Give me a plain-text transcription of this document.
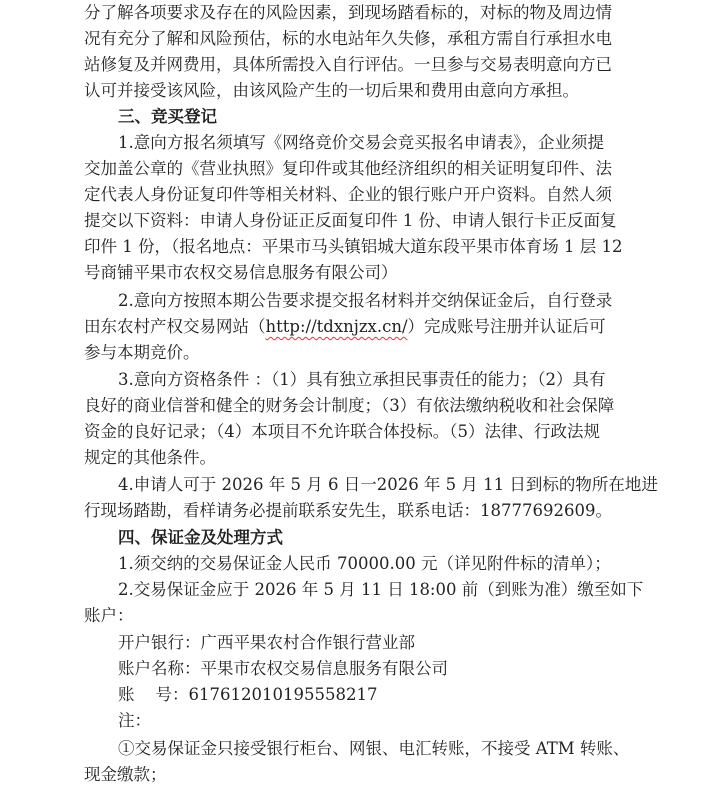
分了解各项要求及存在的风险因素，到现场踏看标的，对标的物及周边情
况有充分了解和风险预估，标的水电站年久失修，承租方需自行承担水电
站修复及并网费用，具体所需投入自行评估。一旦参与交易表明意向方已
认可并接受该风险，由该风险产生的一切后果和费用由意向方承担。
三、竞买登记
1.意向方报名须填写《网络竞价交易会竞买报名申请表》，企业须提
交加盖公章的《营业执照》复印件或其他经济组织的相关证明复印件、法
定代表人身份证复印件等相关材料、企业的银行账户开户资料。自然人须
提交以下资料：申请人身份证正反面复印件 1 份、申请人银行卡正反面复
印件 1 份，（报名地点：平果市马头镇铝城大道东段平果市体育场 1 层 12
号商铺平果市农权交易信息服务有限公司）
2.意向方按照本期公告要求提交报名材料并交纳保证金后，自行登录
田东农村产权交易网站（http://tdxnjzx.cn/）完成账号注册并认证后可
参与本期竞价。
3.意向方资格条件 ：（1）具有独立承担民事责任的能力；（2）具有
良好的商业信誉和健全的财务会计制度；（3）有依法缴纳税收和社会保障
资金的良好记录；（4）本项目不允许联合体投标。（5）法律、行政法规
规定的其他条件。
4.申请人可于 2026 年 5 月 6 日一2026 年 5 月 11 日到标的物所在地进
行现场踏勘，看样请务必提前联系安先生，联系电话：18777692609。
四、保证金及处理方式
1.须交纳的交易保证金人民币 70000.00 元（详见附件标的清单）；
2.交易保证金应于 2026 年 5 月 11 日 18:00 前（到账为准）缴至如下
账户：
开户银行：广西平果农村合作银行营业部
账户名称：平果市农权交易信息服务有限公司
账    号：617612010195558217
注：
①交易保证金只接受银行柜台、网银、电汇转账，不接受 ATM 转账、
现金缴款；
